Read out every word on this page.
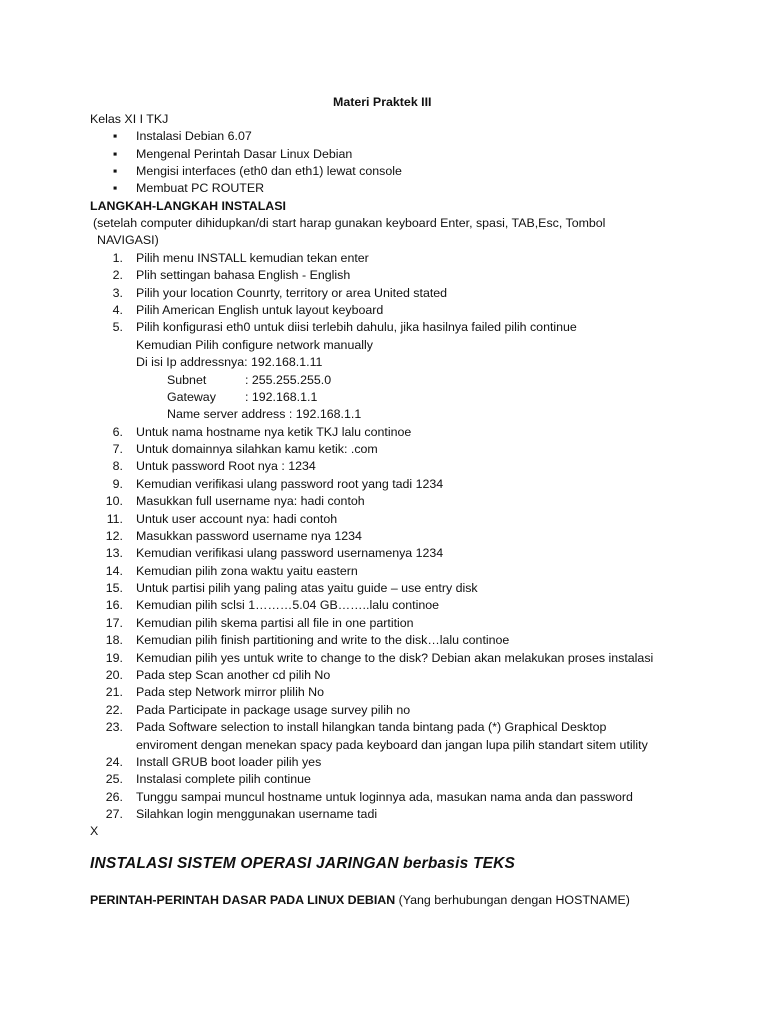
Materi Praktek III
Kelas XI I TKJ
▪ Instalasi Debian 6.07
▪ Mengenal Perintah Dasar Linux Debian
▪ Mengisi interfaces (eth0 dan eth1) lewat console
▪ Membuat PC ROUTER
LANGKAH-LANGKAH INSTALASI
(setelah computer dihidupkan/di start harap gunakan keyboard Enter, spasi, TAB,Esc, Tombol
NAVIGASI)
1. Pilih menu INSTALL kemudian tekan enter
2. Plih settingan bahasa English - English
3. Pilih your location Counrty, territory or area United stated
4. Pilih American English untuk layout keyboard
5. Pilih konfigurasi eth0 untuk diisi terlebih dahulu, jika hasilnya failed pilih continue
Kemudian Pilih configure network manually
Di isi Ip addressnya: 192.168.1.11
Subnet	: 255.255.255.0
Gateway : 192.168.1.1
Name server address : 192.168.1.1
6. Untuk nama hostname nya ketik TKJ lalu continoe
7. Untuk domainnya silahkan kamu ketik: .com
8. Untuk password Root nya : 1234
9. Kemudian verifikasi ulang password root yang tadi 1234
10. Masukkan full username nya: hadi contoh
11. Untuk user account nya: hadi contoh
12. Masukkan password username nya 1234
13. Kemudian verifikasi ulang password usernamenya 1234
14. Kemudian pilih zona waktu yaitu eastern
15. Untuk partisi pilih yang paling atas yaitu guide – use entry disk
16. Kemudian pilih sclsi 1………5.04 GB……..lalu continoe
17. Kemudian pilih skema partisi all file in one partition
18. Kemudian pilih finish partitioning and write to the disk…lalu continoe
19. Kemudian pilih yes untuk write to change to the disk? Debian akan melakukan proses instalasi
20. Pada step Scan another cd pilih No
21. Pada step Network mirror plilih No
22. Pada Participate in package usage survey pilih no
23. Pada Software selection to install hilangkan tanda bintang pada (*) Graphical Desktop
enviroment dengan menekan spacy pada keyboard dan jangan lupa pilih standart sitem utility
24. Install GRUB boot loader pilih yes
25. Instalasi complete pilih continue
26. Tunggu sampai muncul hostname untuk loginnya ada, masukan nama anda dan password
27. Silahkan login menggunakan username tadi
X
INSTALASI SISTEM OPERASI JARINGAN berbasis TEKS
PERINTAH-PERINTAH DASAR PADA LINUX DEBIAN (Yang berhubungan dengan HOSTNAME)
